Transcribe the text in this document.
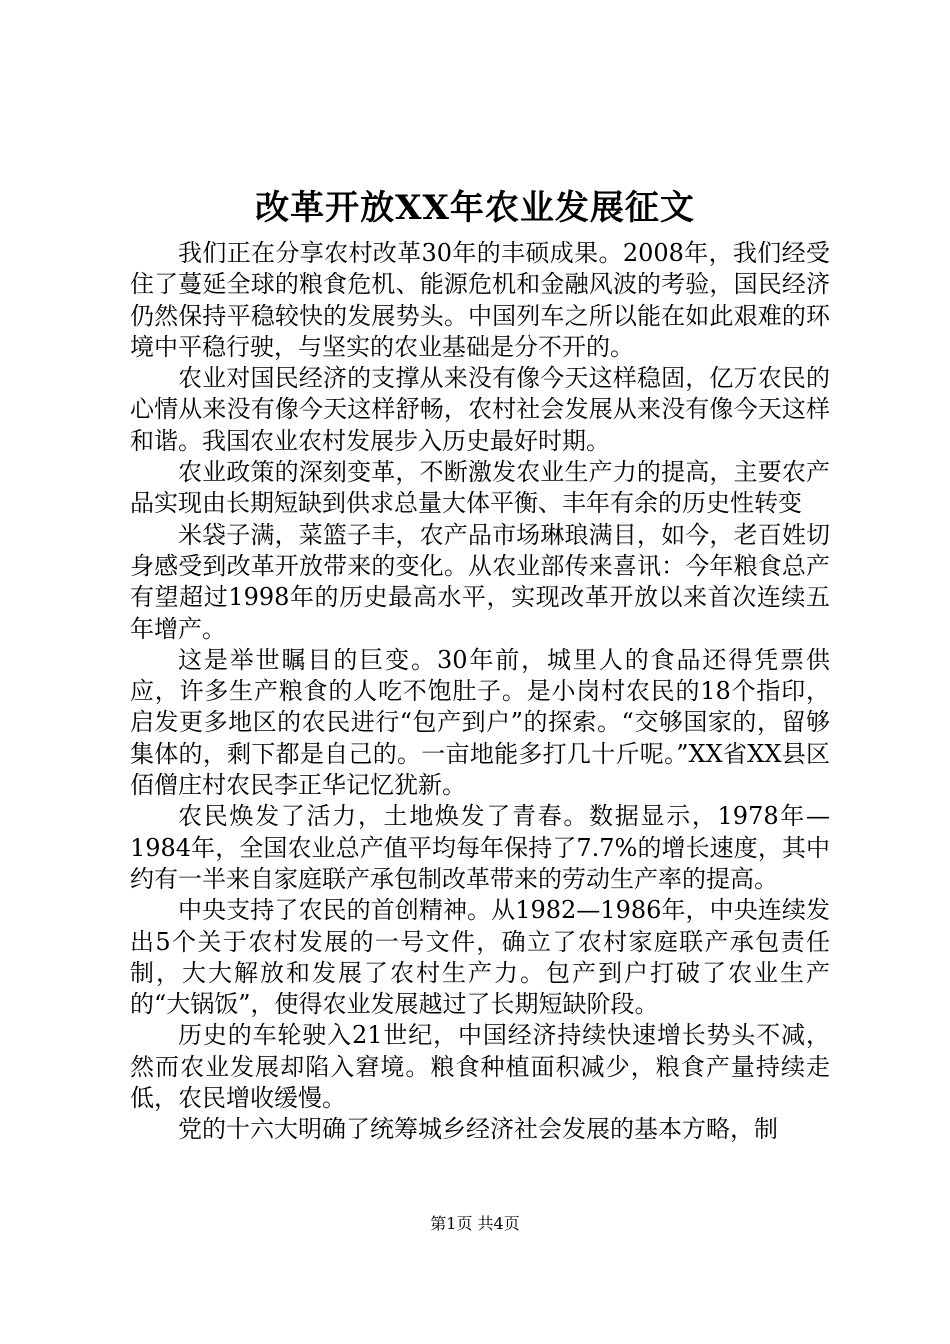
改革开放XX年农业发展征文

我们正在分享农村改革30年的丰硕成果。2008年，我们经受住了蔓延全球的粮食危机、能源危机和金融风波的考验，国民经济仍然保持平稳较快的发展势头。中国列车之所以能在如此艰难的环境中平稳行驶，与坚实的农业基础是分不开的。

农业对国民经济的支撑从来没有像今天这样稳固，亿万农民的心情从来没有像今天这样舒畅，农村社会发展从来没有像今天这样和谐。我国农业农村发展步入历史最好时期。

农业政策的深刻变革，不断激发农业生产力的提高，主要农产品实现由长期短缺到供求总量大体平衡、丰年有余的历史性转变

米袋子满，菜篮子丰，农产品市场琳琅满目，如今，老百姓切身感受到改革开放带来的变化。从农业部传来喜讯：今年粮食总产有望超过1998年的历史最高水平，实现改革开放以来首次连续五年增产。

这是举世瞩目的巨变。30年前，城里人的食品还得凭票供应，许多生产粮食的人吃不饱肚子。是小岗村农民的18个指印，启发更多地区的农民进行“包产到户”的探索。“交够国家的，留够集体的，剩下都是自己的。一亩地能多打几十斤呢。”XX省XX县区佰僧庄村农民李正华记忆犹新。

农民焕发了活力，土地焕发了青春。数据显示，1978年—1984年，全国农业总产值平均每年保持了7.7%的增长速度，其中约有一半来自家庭联产承包制改革带来的劳动生产率的提高。

中央支持了农民的首创精神。从1982—1986年，中央连续发出5个关于农村发展的一号文件，确立了农村家庭联产承包责任制，大大解放和发展了农村生产力。包产到户打破了农业生产的“大锅饭”，使得农业发展越过了长期短缺阶段。

历史的车轮驶入21世纪，中国经济持续快速增长势头不减，然而农业发展却陷入窘境。粮食种植面积减少，粮食产量持续走低，农民增收缓慢。

党的十六大明确了统筹城乡经济社会发展的基本方略，制

第1页 共4页
